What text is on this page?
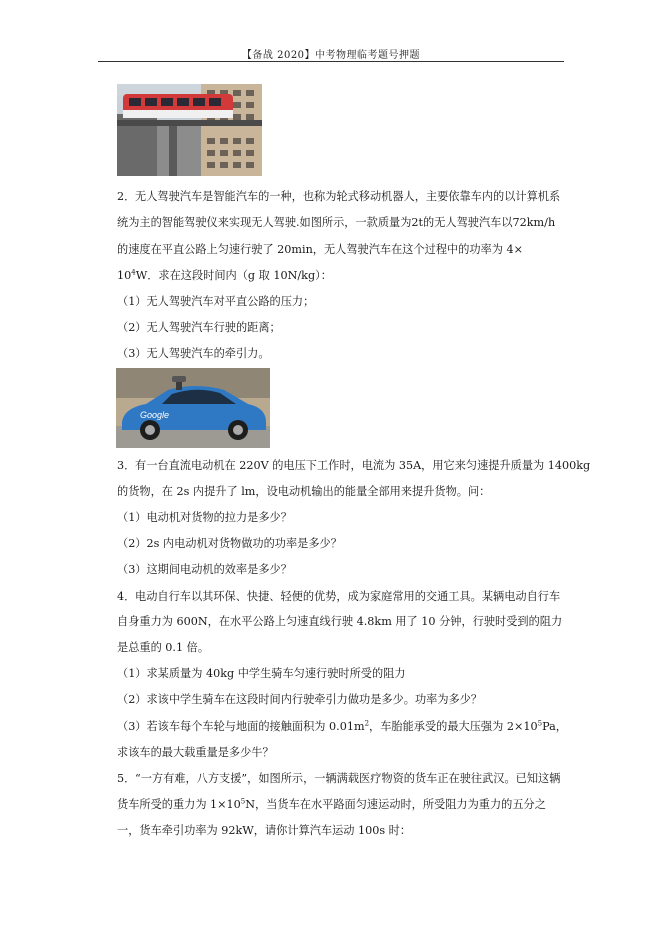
【备战 2020】中考物理临考题号押题
2．无人驾驶汽车是智能汽车的一种，也称为轮式移动机器人，主要依靠车内的以计算机系
统为主的智能驾驶仪来实现无人驾驶.如图所示，一款质量为2t的无人驾驶汽车以72km/h
的速度在平直公路上匀速行驶了 20min，无人驾驶汽车在这个过程中的功率为 4×
$10^4W$．求在这段时间内（g 取 10N/kg）：
（1）无人驾驶汽车对平直公路的压力；
（2）无人驾驶汽车行驶的距离；
（3）无人驾驶汽车的牵引力。
Google
3．有一台直流电动机在 220V 的电压下工作时，电流为 35A，用它来匀速提升质量为 1400kg
的货物，在 2s 内提升了 lm，设电动机输出的能量全部用来提升货物。问：
（1）电动机对货物的拉力是多少？
（2）2s 内电动机对货物做功的功率是多少？
（3）这期间电动机的效率是多少？
4．电动自行车以其环保、快捷、轻便的优势，成为家庭常用的交通工具。某辆电动自行车
自身重力为 600N，在水平公路上匀速直线行驶 4.8km 用了 10 分钟，行驶时受到的阻力
是总重的 0.1 倍。
（1）求某质量为 40kg 中学生骑车匀速行驶时所受的阻力
（2）求该中学生骑车在这段时间内行驶牵引力做功是多少。功率为多少？
（3）若该车每个车轮与地面的接触面积为 $0.01m^2$，车胎能承受的最大压强为 $2\times 10^5Pa$，
求该车的最大载重量是多少牛？
5．“一方有难，八方支援”，如图所示，一辆满载医疗物资的货车正在驶往武汉。已知这辆
货车所受的重力为 $1\times 10^5N$，当货车在水平路面匀速运动时，所受阻力为重力的五分之
一，货车牵引功率为 92kW，请你计算汽车运动 100s 时：
